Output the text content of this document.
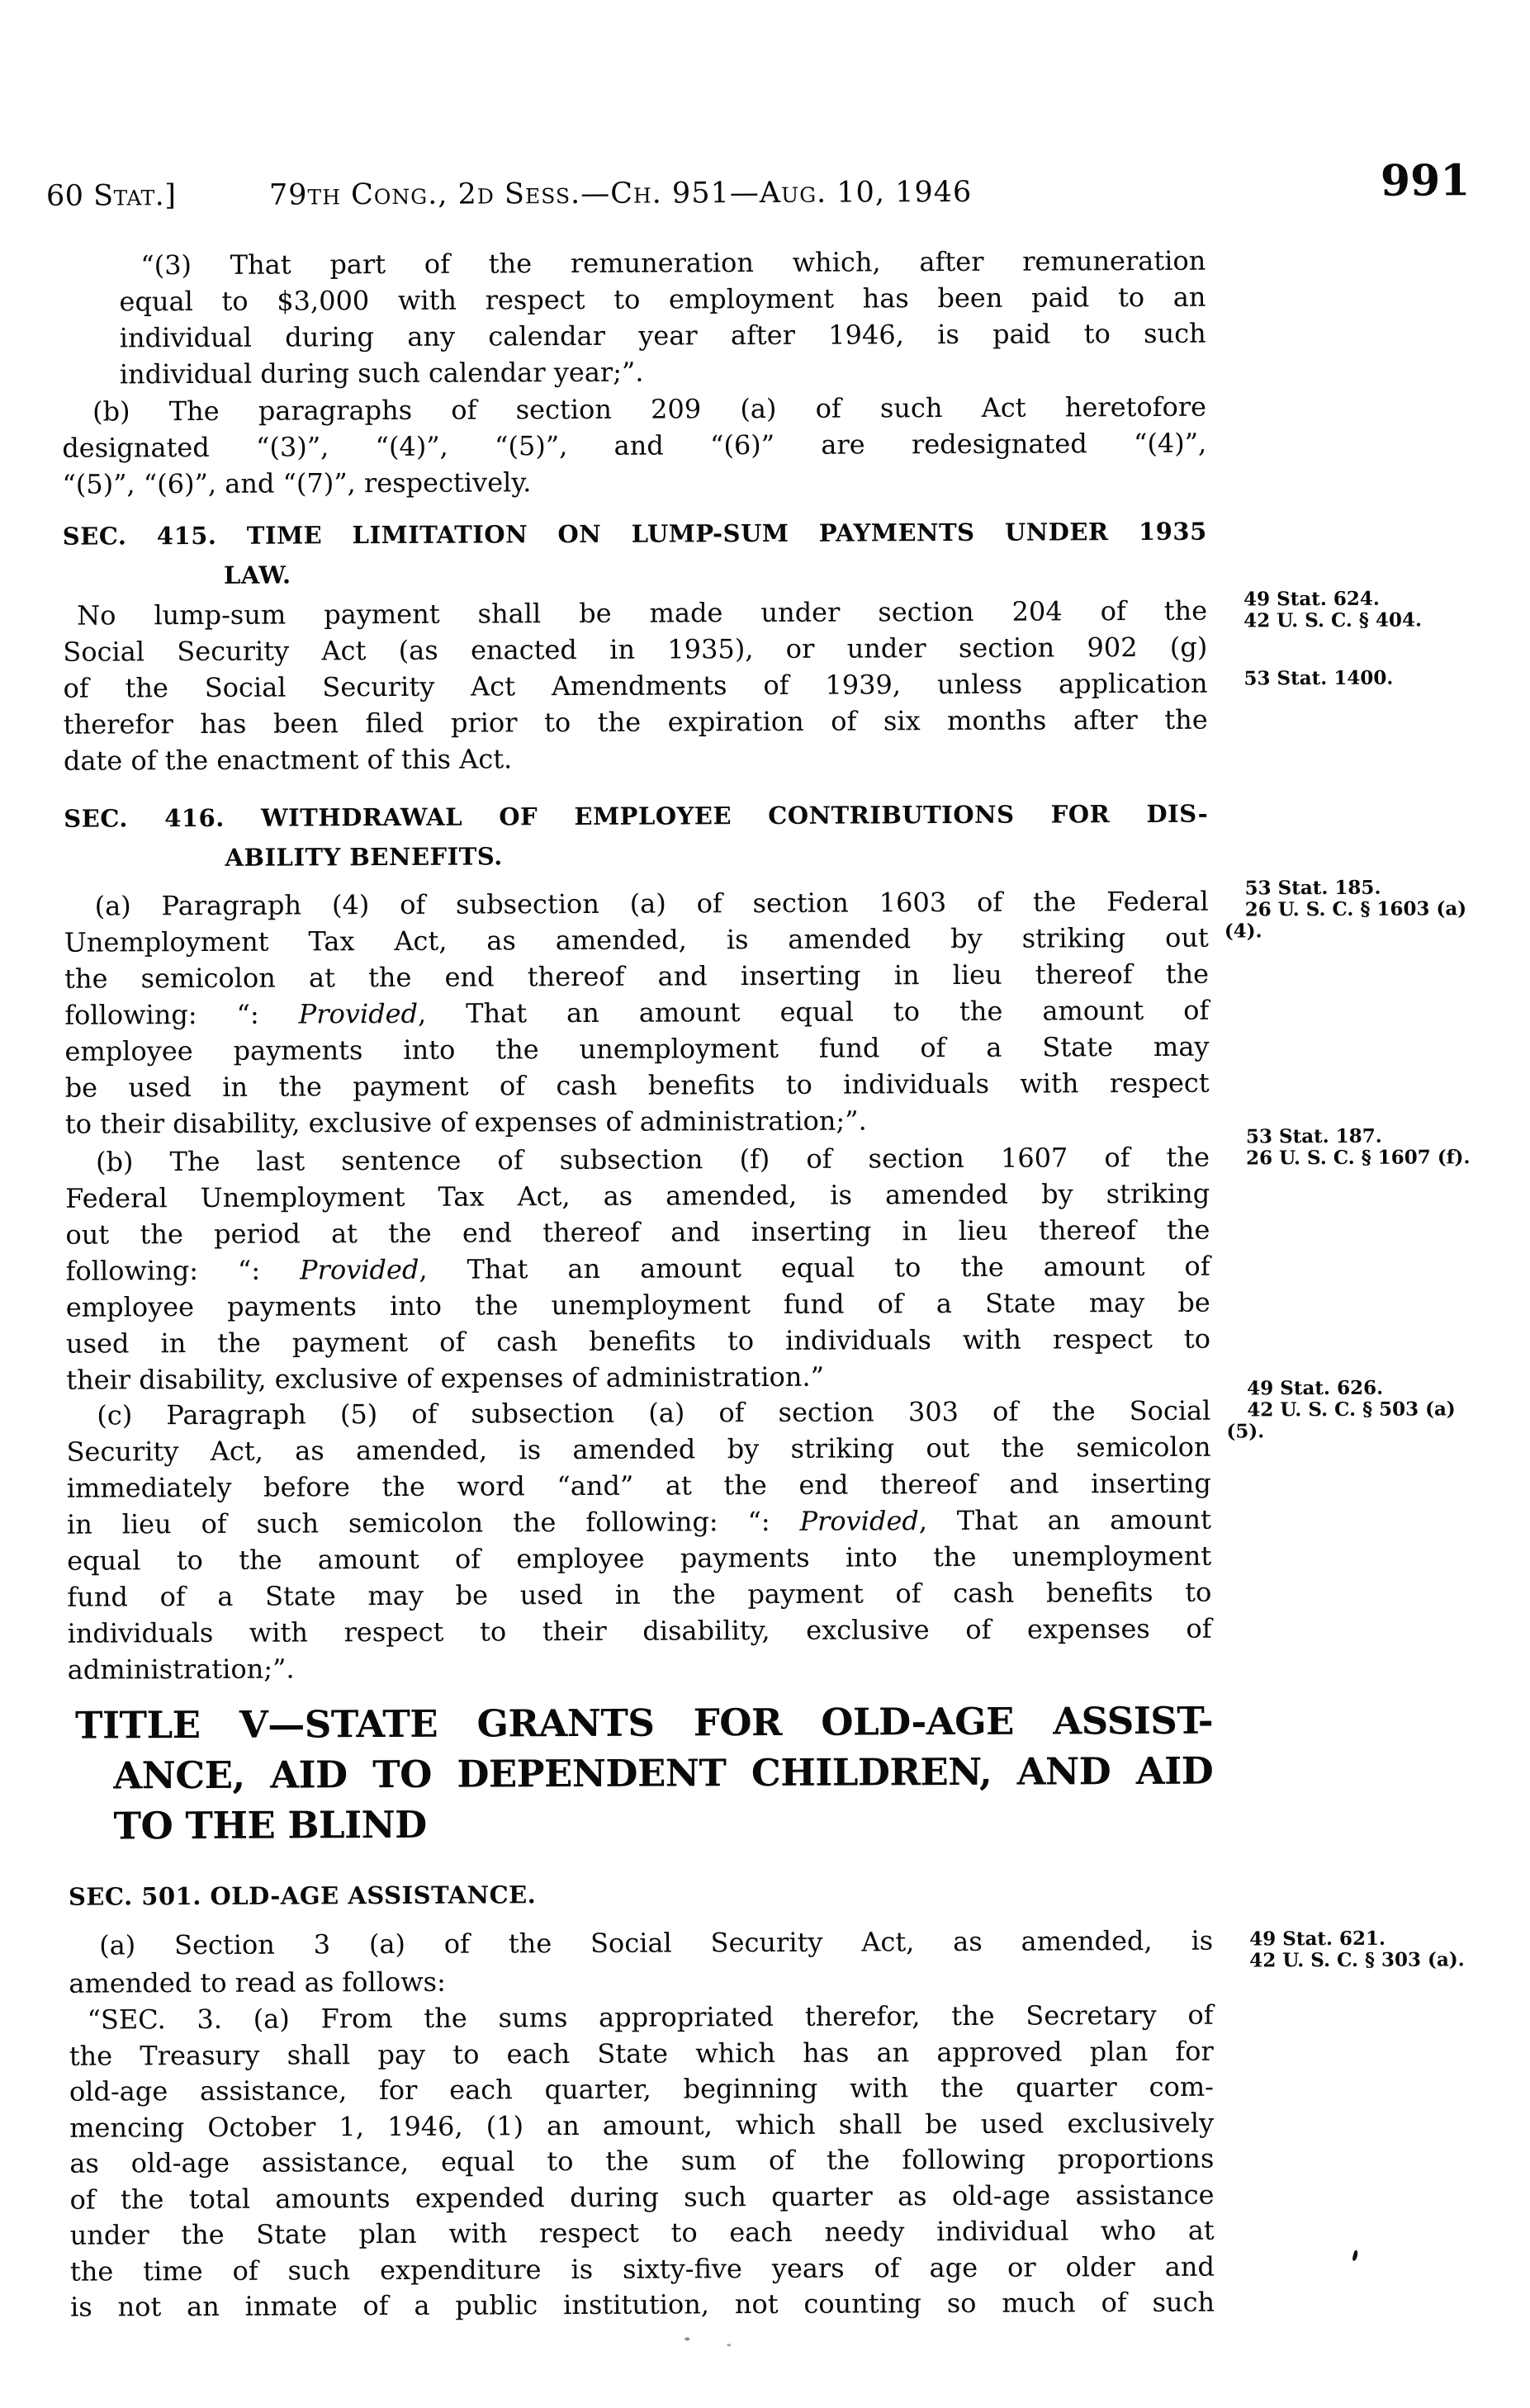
60 Stat.]	79th Cong., 2d Sess.—Ch. 951—Aug. 10, 1946	991
“(3) That part of the remuneration which, after remuneration
equal to $3,000 with respect to employment has been paid to an
individual during any calendar year after 1946, is paid to such
individual during such calendar year;”.
(b) The paragraphs of section 209 (a) of such Act heretofore
designated “(3)”, “(4)”, “(5)”, and “(6)” are redesignated “(4)”,
“(5)”, “(6)”, and “(7)”, respectively.
SEC. 415. TIME LIMITATION ON LUMP-SUM PAYMENTS UNDER 1935
LAW.
No lump-sum payment shall be made under section 204 of the
Social Security Act (as enacted in 1935), or under section 902 (g)
of the Social Security Act Amendments of 1939, unless application
therefor has been filed prior to the expiration of six months after the
date of the enactment of this Act.
SEC. 416. WITHDRAWAL OF EMPLOYEE CONTRIBUTIONS FOR DIS-
ABILITY BENEFITS.
(a) Paragraph (4) of subsection (a) of section 1603 of the Federal
Unemployment Tax Act, as amended, is amended by striking out
the semicolon at the end thereof and inserting in lieu thereof the
following: “: Provided, That an amount equal to the amount of
employee payments into the unemployment fund of a State may
be used in the payment of cash benefits to individuals with respect
to their disability, exclusive of expenses of administration;”.
(b) The last sentence of subsection (f) of section 1607 of the
Federal Unemployment Tax Act, as amended, is amended by striking
out the period at the end thereof and inserting in lieu thereof the
following: “: Provided, That an amount equal to the amount of
employee payments into the unemployment fund of a State may be
used in the payment of cash benefits to individuals with respect to
their disability, exclusive of expenses of administration.”
(c) Paragraph (5) of subsection (a) of section 303 of the Social
Security Act, as amended, is amended by striking out the semicolon
immediately before the word “and” at the end thereof and inserting
in lieu of such semicolon the following: “: Provided, That an amount
equal to the amount of employee payments into the unemployment
fund of a State may be used in the payment of cash benefits to
individuals with respect to their disability, exclusive of expenses of
administration;”.
TITLE V—STATE GRANTS FOR OLD-AGE ASSIST-
ANCE, AID TO DEPENDENT CHILDREN, AND AID
TO THE BLIND
SEC. 501. OLD-AGE ASSISTANCE.
(a) Section 3 (a) of the Social Security Act, as amended, is
amended to read as follows:
“SEC. 3. (a) From the sums appropriated therefor, the Secretary of
the Treasury shall pay to each State which has an approved plan for
old-age assistance, for each quarter, beginning with the quarter com-
mencing October 1, 1946, (1) an amount, which shall be used exclusively
as old-age assistance, equal to the sum of the following proportions
of the total amounts expended during such quarter as old-age assistance
under the State plan with respect to each needy individual who at
the time of such expenditure is sixty-five years of age or older and
is not an inmate of a public institution, not counting so much of such
49 Stat. 624.
42 U. S. C. § 404.
53 Stat. 1400.
53 Stat. 185.
26 U. S. C. § 1603 (a)
(4).
53 Stat. 187.
26 U. S. C. § 1607 (f).
49 Stat. 626.
42 U. S. C. § 503 (a)
(5).
49 Stat. 621.
42 U. S. C. § 303 (a).
